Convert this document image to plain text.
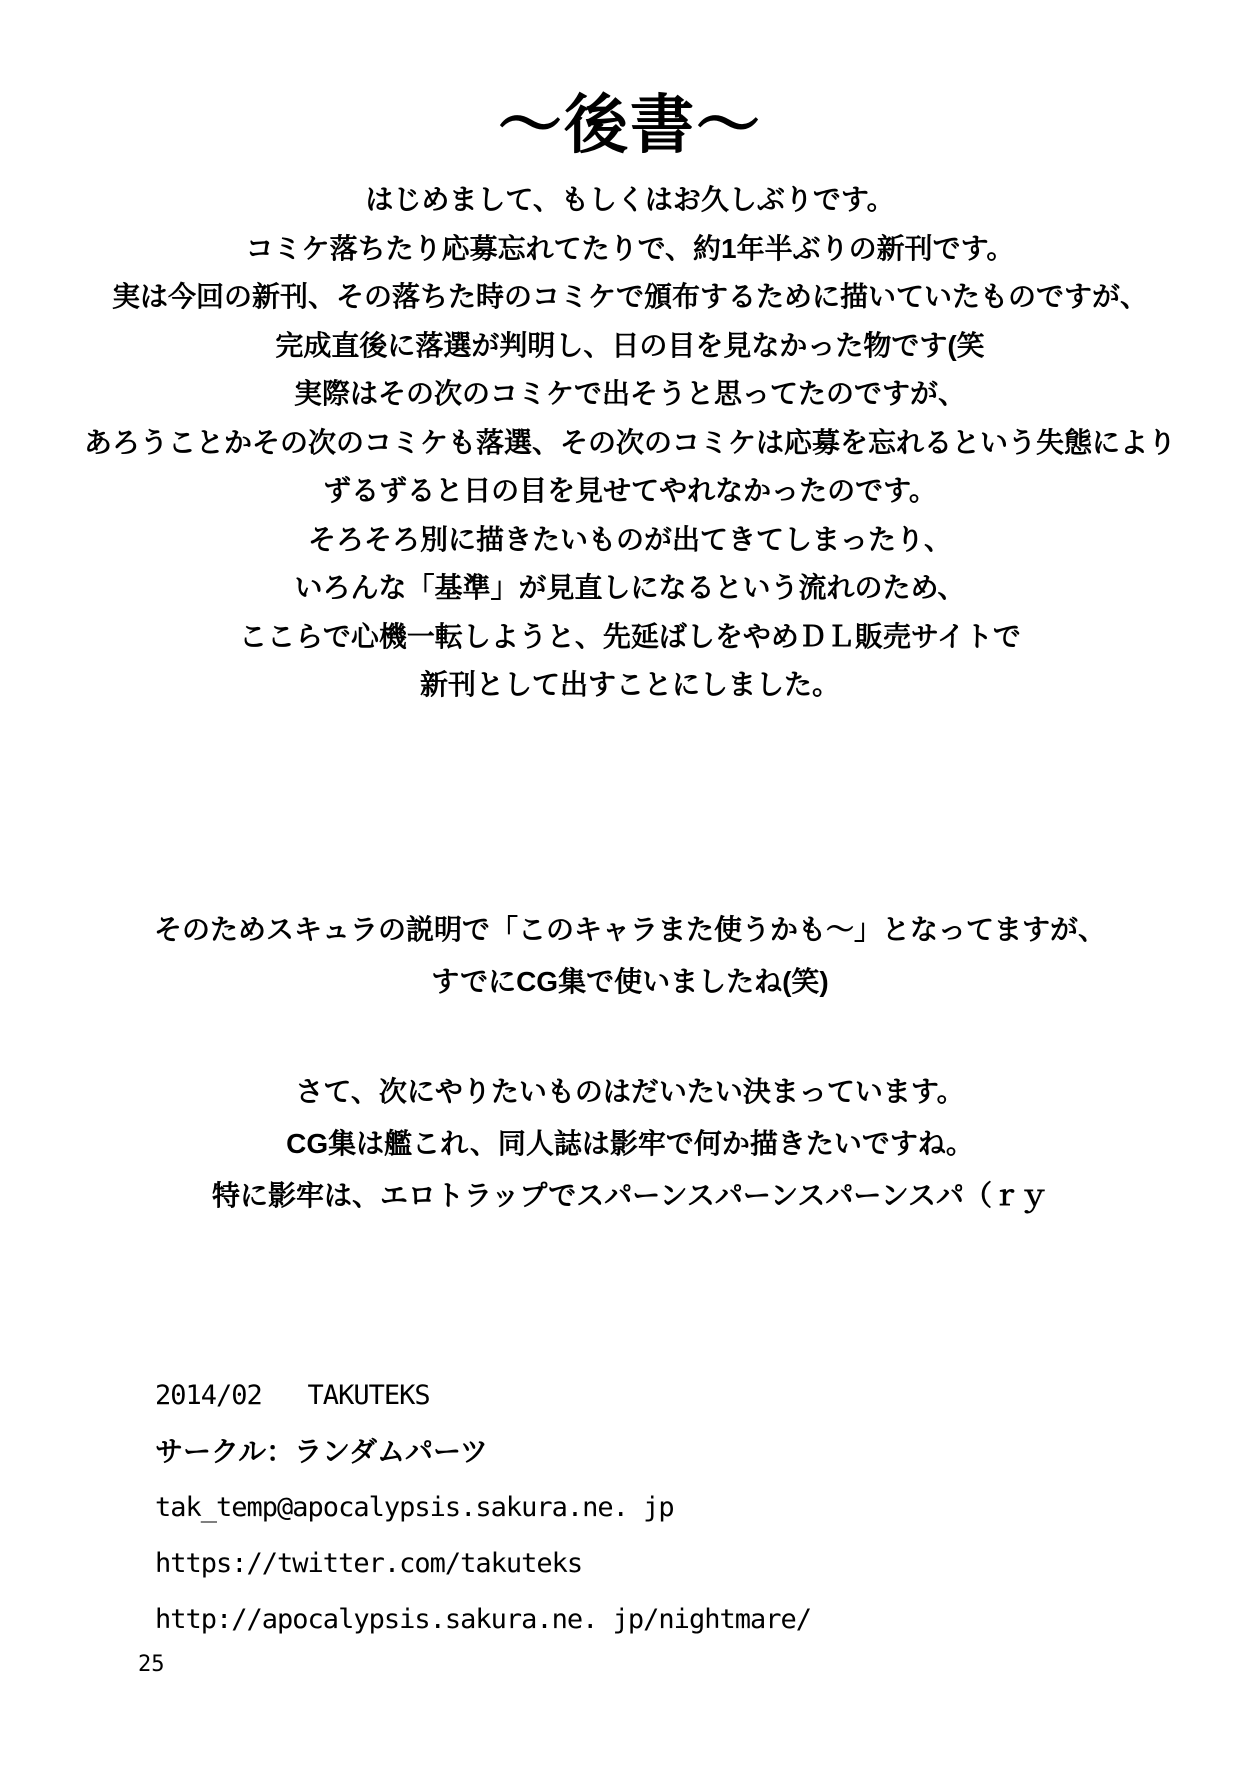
～後書～
はじめまして、もしくはお久しぶりです。
コミケ落ちたり応募忘れてたりで、約1年半ぶりの新刊です。
実は今回の新刊、その落ちた時のコミケで頒布するために描いていたものですが、
完成直後に落選が判明し、日の目を見なかった物です(笑
実際はその次のコミケで出そうと思ってたのですが、
あろうことかその次のコミケも落選、その次のコミケは応募を忘れるという失態により
ずるずると日の目を見せてやれなかったのです。
そろそろ別に描きたいものが出てきてしまったり、
いろんな「基準」が見直しになるという流れのため、
ここらで心機一転しようと、先延ばしをやめＤＬ販売サイトで
新刊として出すことにしました。
そのためスキュラの説明で「このキャラまた使うかも～」となってますが、
すでにCG集で使いましたね(笑)
さて、次にやりたいものはだいたい決まっています。
CG集は艦これ、同人誌は影牢で何か描きたいですね。
特に影牢は、エロトラップでスパーンスパーンスパーンスパ（ｒｙ
2014/02   TAKUTEKS
サークル：ランダムパーツ
tak_temp@apocalypsis.sakura.ne. jp
https://twitter.com/takuteks
http://apocalypsis.sakura.ne. jp/nightmare/
25
